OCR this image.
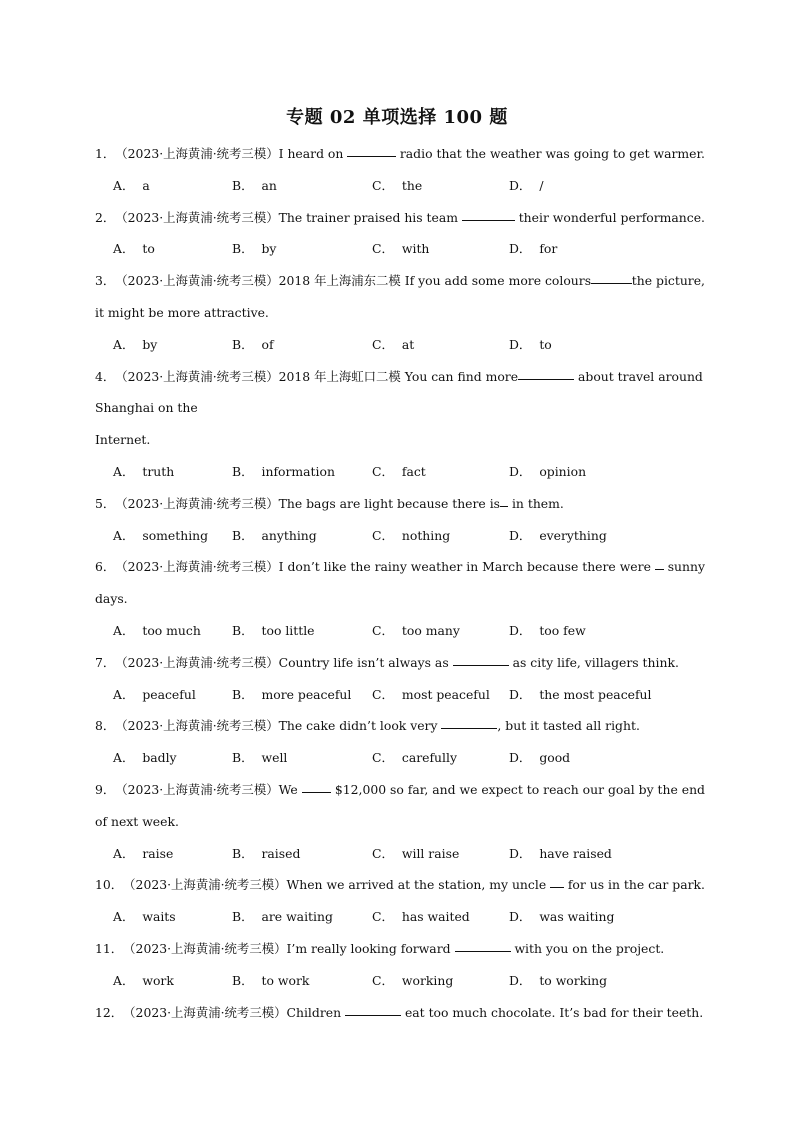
专题 02 单项选择 100 题
1 ． （2023·上海黄浦·统考三模） I heard on	radio that the weather was going to get warmer.
A． a	B． an	C． the	D． /
2 ． （2023·上海黄浦·统考三模） The trainer praised his team	their wonderful performance.
A． to	B． by	C． with	D． for
3 ． （2023·上海黄浦·统考三模） 2018 年上海浦东二模 If you add some more colours	the picture,
it might be more attractive.
A． by	B． of	C． at	D． to
4 ． （2023·上海黄浦·统考三模） 2018 年上海虹口二模 You can find more	about travel around
Shanghai on the
Internet.
A． truth	B． information	C． fact	D． opinion
5 ． （2023·上海黄浦·统考三模） The bags are light because there is in them.
A． something B． anything	C． nothing	D． everything
6 ． （2023·上海黄浦·统考三模） I don’t like the rainy weather in March because there were sunny
days.
A． too much	B． too little	C． too many	D． too few
7 ． （2023·上海黄浦·统考三模） Country life isn’t always as	as city life, villagers think.
A． peaceful	B． more peaceful C． most peaceful D． the most peaceful
8 ． （2023·上海黄浦·统考三模） The cake didn’t look very	, but it tasted all right.
A． badly	B． well	C． carefully	D． good
9 ． （2023·上海黄浦·统考三模） We $12,000 so far, and we expect to reach our goal by the end
of next week.
A． raise	B． raised	C． will raise	D． have raised
10 ． （2023·上海黄浦·统考三模） When we arrived at the station, my uncle for us in the car park.
A． waits	B． are waiting	C． has waited	D． was waiting
11 ． （2023·上海黄浦·统考三模） I’m really looking forward	with you on the project.
A． work	B． to work	C． working	D． to working
12 ． （2023·上海黄浦·统考三模） Children	eat too much chocolate. It’s bad for their teeth.
